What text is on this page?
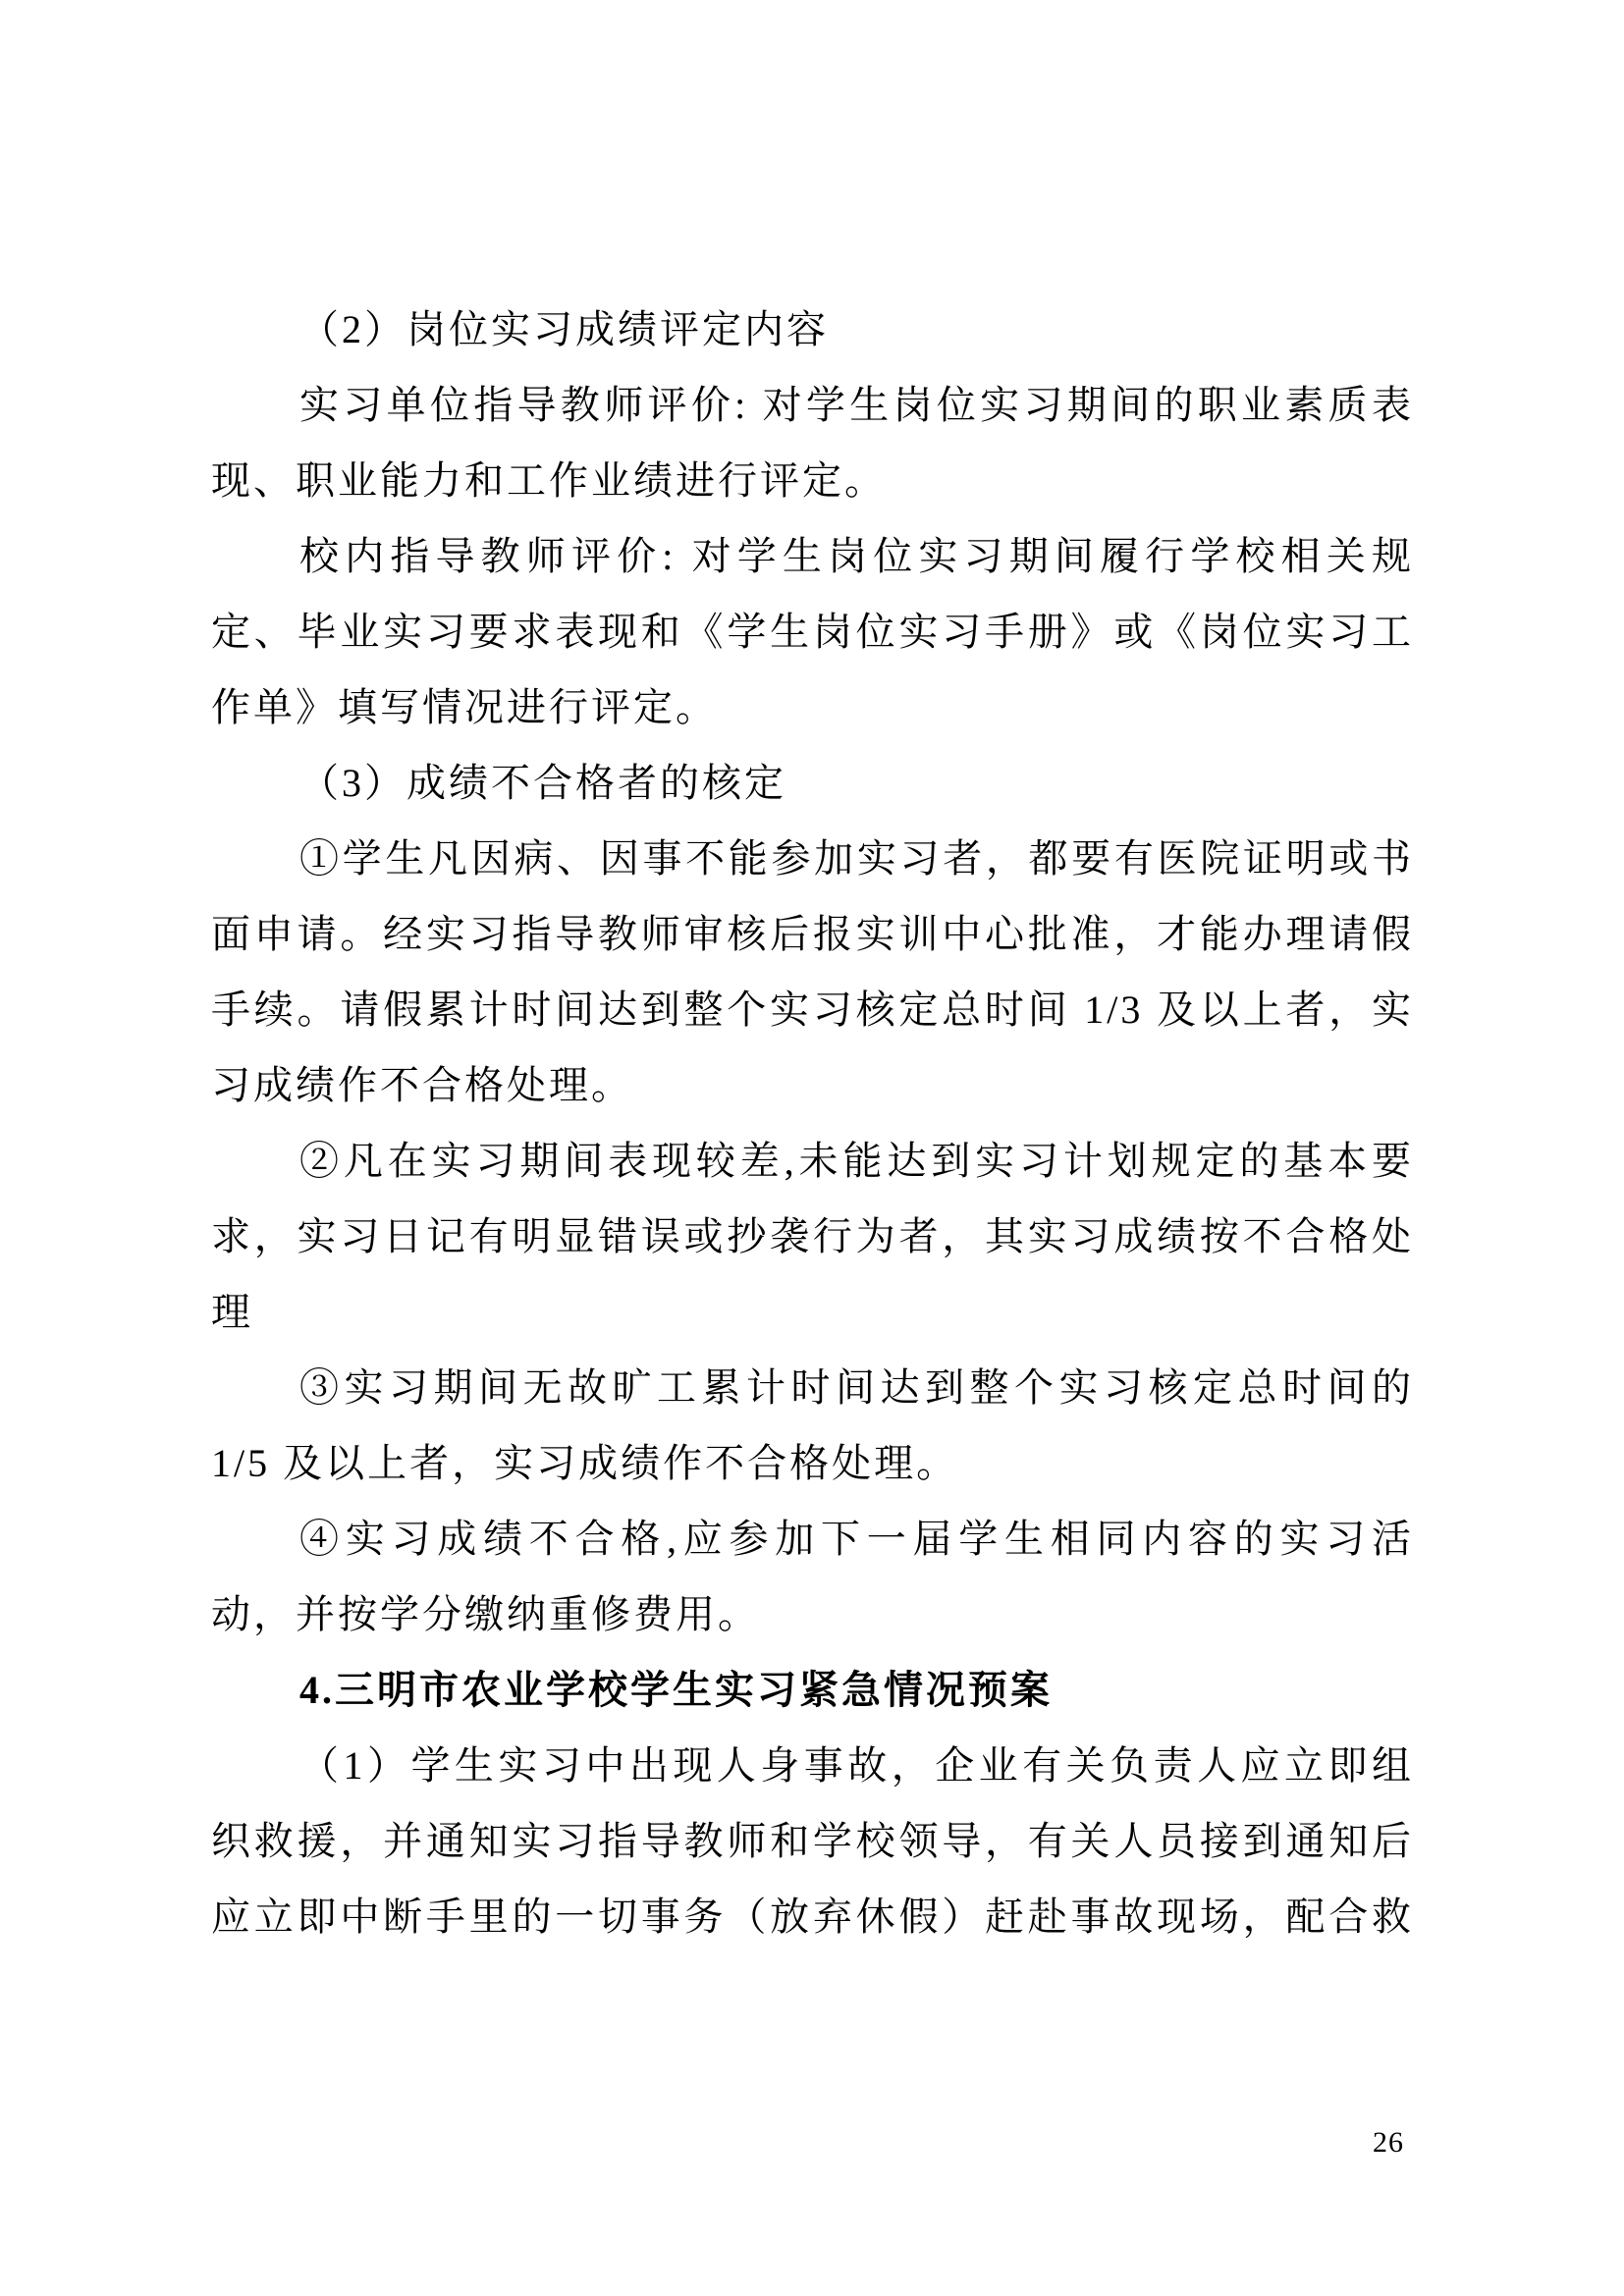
（2）岗位实习成绩评定内容
实习单位指导教师评价: 对学生岗位实习期间的职业素质表
现、职业能力和工作业绩进行评定。
校内指导教师评价: 对学生岗位实习期间履行学校相关规
定、毕业实习要求表现和《学生岗位实习手册》或《岗位实习工
作单》填写情况进行评定。
（3）成绩不合格者的核定
①学生凡因病、因事不能参加实习者，都要有医院证明或书
面申请。经实习指导教师审核后报实训中心批准，才能办理请假
手续。请假累计时间达到整个实习核定总时间 1/3 及以上者，实
习成绩作不合格处理。
②凡在实习期间表现较差,未能达到实习计划规定的基本要
求，实习日记有明显错误或抄袭行为者，其实习成绩按不合格处
理
③实习期间无故旷工累计时间达到整个实习核定总时间的
1/5 及以上者，实习成绩作不合格处理。
④实习成绩不合格,应参加下一届学生相同内容的实习活
动，并按学分缴纳重修费用。
4.三明市农业学校学生实习紧急情况预案
（1）学生实习中出现人身事故，企业有关负责人应立即组
织救援，并通知实习指导教师和学校领导，有关人员接到通知后
应立即中断手里的一切事务（放弃休假）赶赴事故现场，配合救
26
